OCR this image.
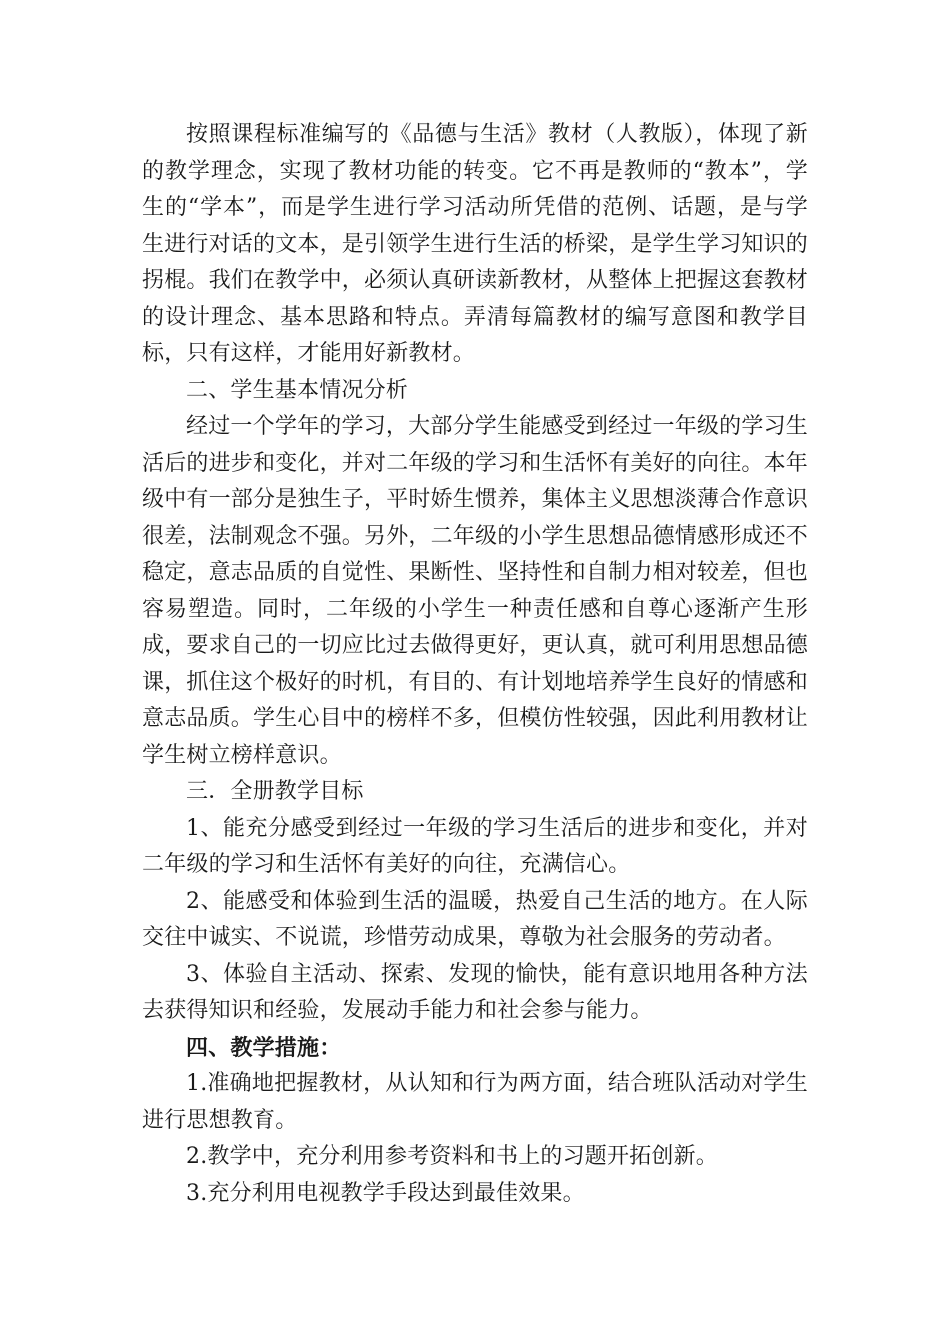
按照课程标准编写的《品德与生活》教材（人教版），体现了新的教学理念，实现了教材功能的转变。它不再是教师的“教本”，学生的“学本”，而是学生进行学习活动所凭借的范例、话题，是与学生进行对话的文本，是引领学生进行生活的桥梁，是学生学习知识的拐棍。我们在教学中，必须认真研读新教材，从整体上把握这套教材的设计理念、基本思路和特点。弄清每篇教材的编写意图和教学目标，只有这样，才能用好新教材。

二、学生基本情况分析

经过一个学年的学习，大部分学生能感受到经过一年级的学习生活后的进步和变化，并对二年级的学习和生活怀有美好的向往。本年级中有一部分是独生子，平时娇生惯养，集体主义思想淡薄合作意识很差，法制观念不强。另外，二年级的小学生思想品德情感形成还不稳定，意志品质的自觉性、果断性、坚持性和自制力相对较差，但也容易塑造。同时，二年级的小学生一种责任感和自尊心逐渐产生形成，要求自己的一切应比过去做得更好，更认真，就可利用思想品德课，抓住这个极好的时机，有目的、有计划地培养学生良好的情感和意志品质。学生心目中的榜样不多，但模仿性较强，因此利用教材让学生树立榜样意识。

三．全册教学目标

1、能充分感受到经过一年级的学习生活后的进步和变化，并对二年级的学习和生活怀有美好的向往，充满信心。

2、能感受和体验到生活的温暖，热爱自己生活的地方。在人际交往中诚实、不说谎，珍惜劳动成果，尊敬为社会服务的劳动者。

3、体验自主活动、探索、发现的愉快，能有意识地用各种方法去获得知识和经验，发展动手能力和社会参与能力。

四、教学措施：

1.准确地把握教材，从认知和行为两方面，结合班队活动对学生进行思想教育。

2.教学中，充分利用参考资料和书上的习题开拓创新。

3.充分利用电视教学手段达到最佳效果。
